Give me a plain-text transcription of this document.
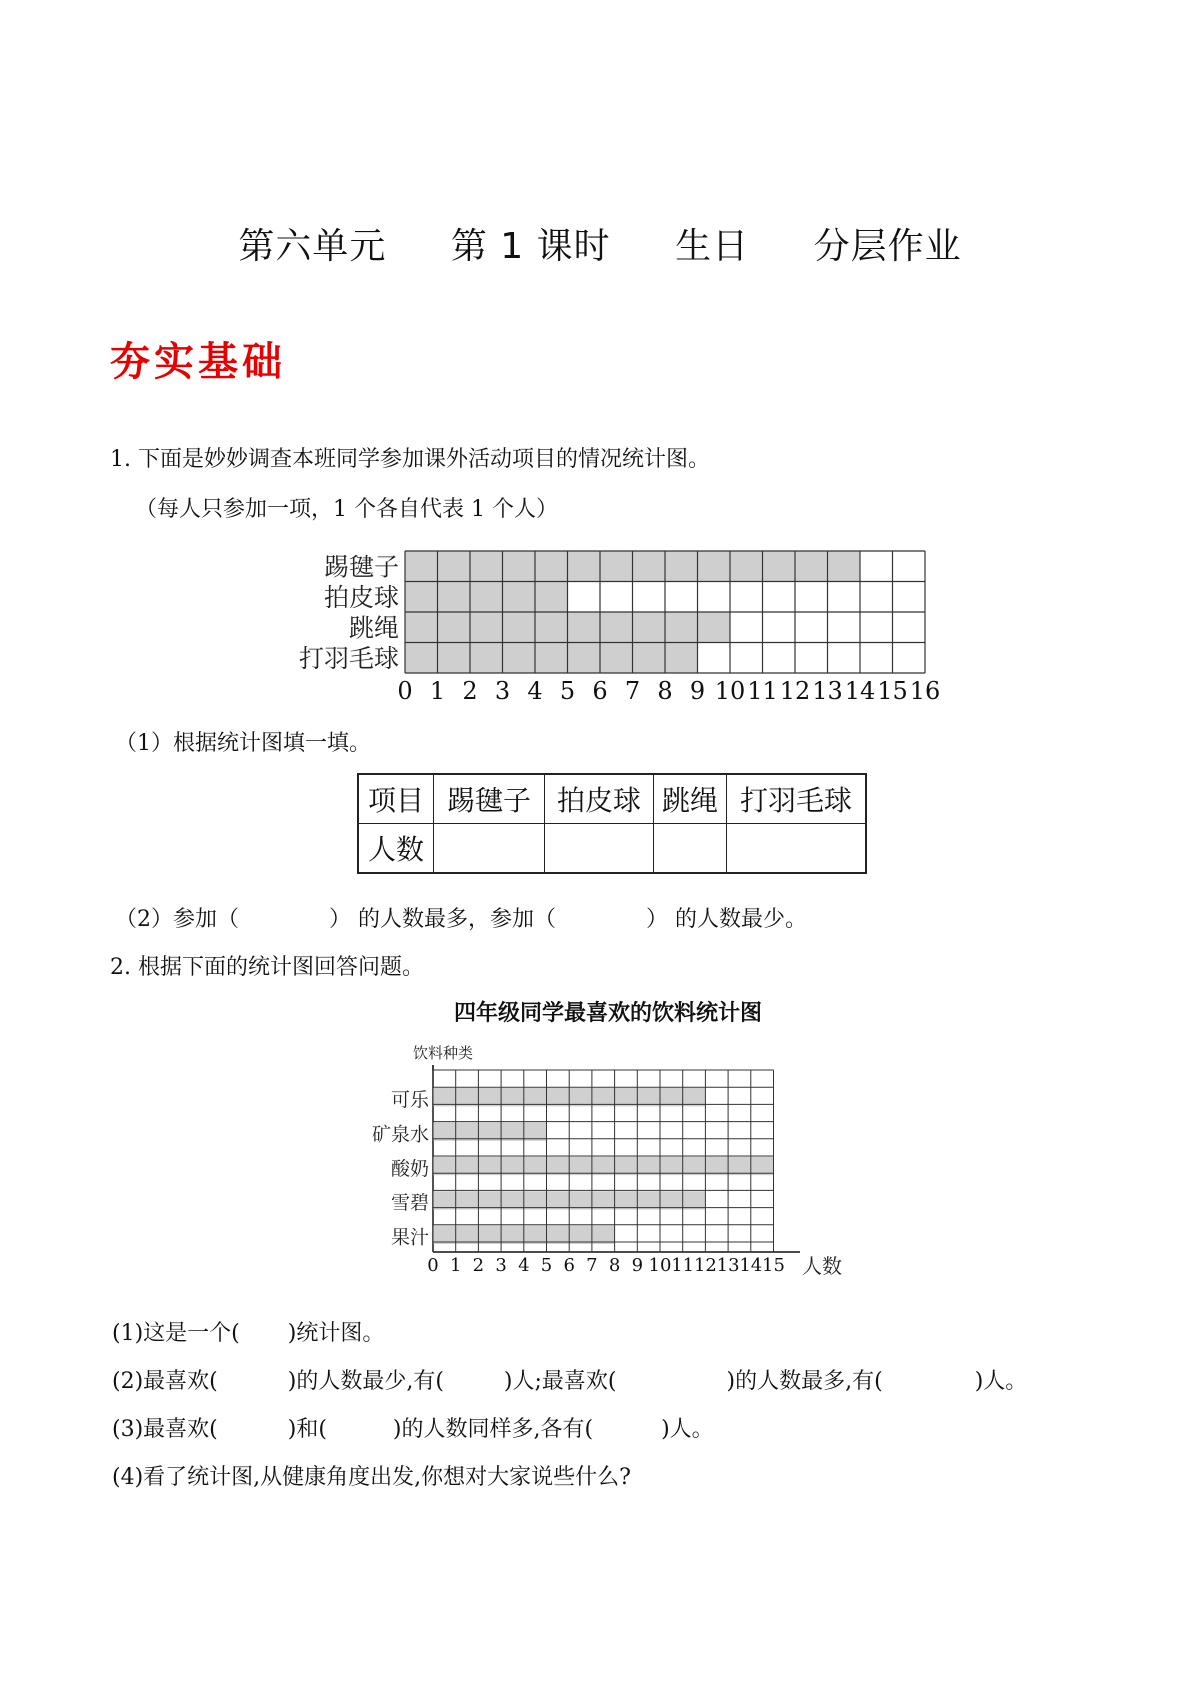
第六单元 第 1 课时 生日 分层作业
夯实基础
1. 下面是妙妙调查本班同学参加课外活动项目的情况统计图。
（每人只参加一项，1 个各自代表 1 个人）
踢毽子
拍皮球
跳绳
打羽毛球
0 1 2 3 4 5 6 7 8 9 10 11 12 13 14 15 16
（1）根据统计图填一填。
项目	踢毽子	拍皮球	跳绳	打羽毛球
人数				
（2）参加（	） 的人数最多，参加（	） 的人数最少。
2. 根据下面的统计图回答问题。
四年级同学最喜欢的饮料统计图
饮料种类
人数
可乐
矿泉水
酸奶
雪碧
果汁
0 1 2 3 4 5 6 7 8 9 10 11 12 13 14 15
(1)这是一个( )统计图。
(2)最喜欢(	)的人数最少,有(	)人;最喜欢(	)的人数最多,有(	)人。
(3)最喜欢(	)和(	)的人数同样多,各有(	)人。
(4)看了统计图,从健康角度出发,你想对大家说些什么?
